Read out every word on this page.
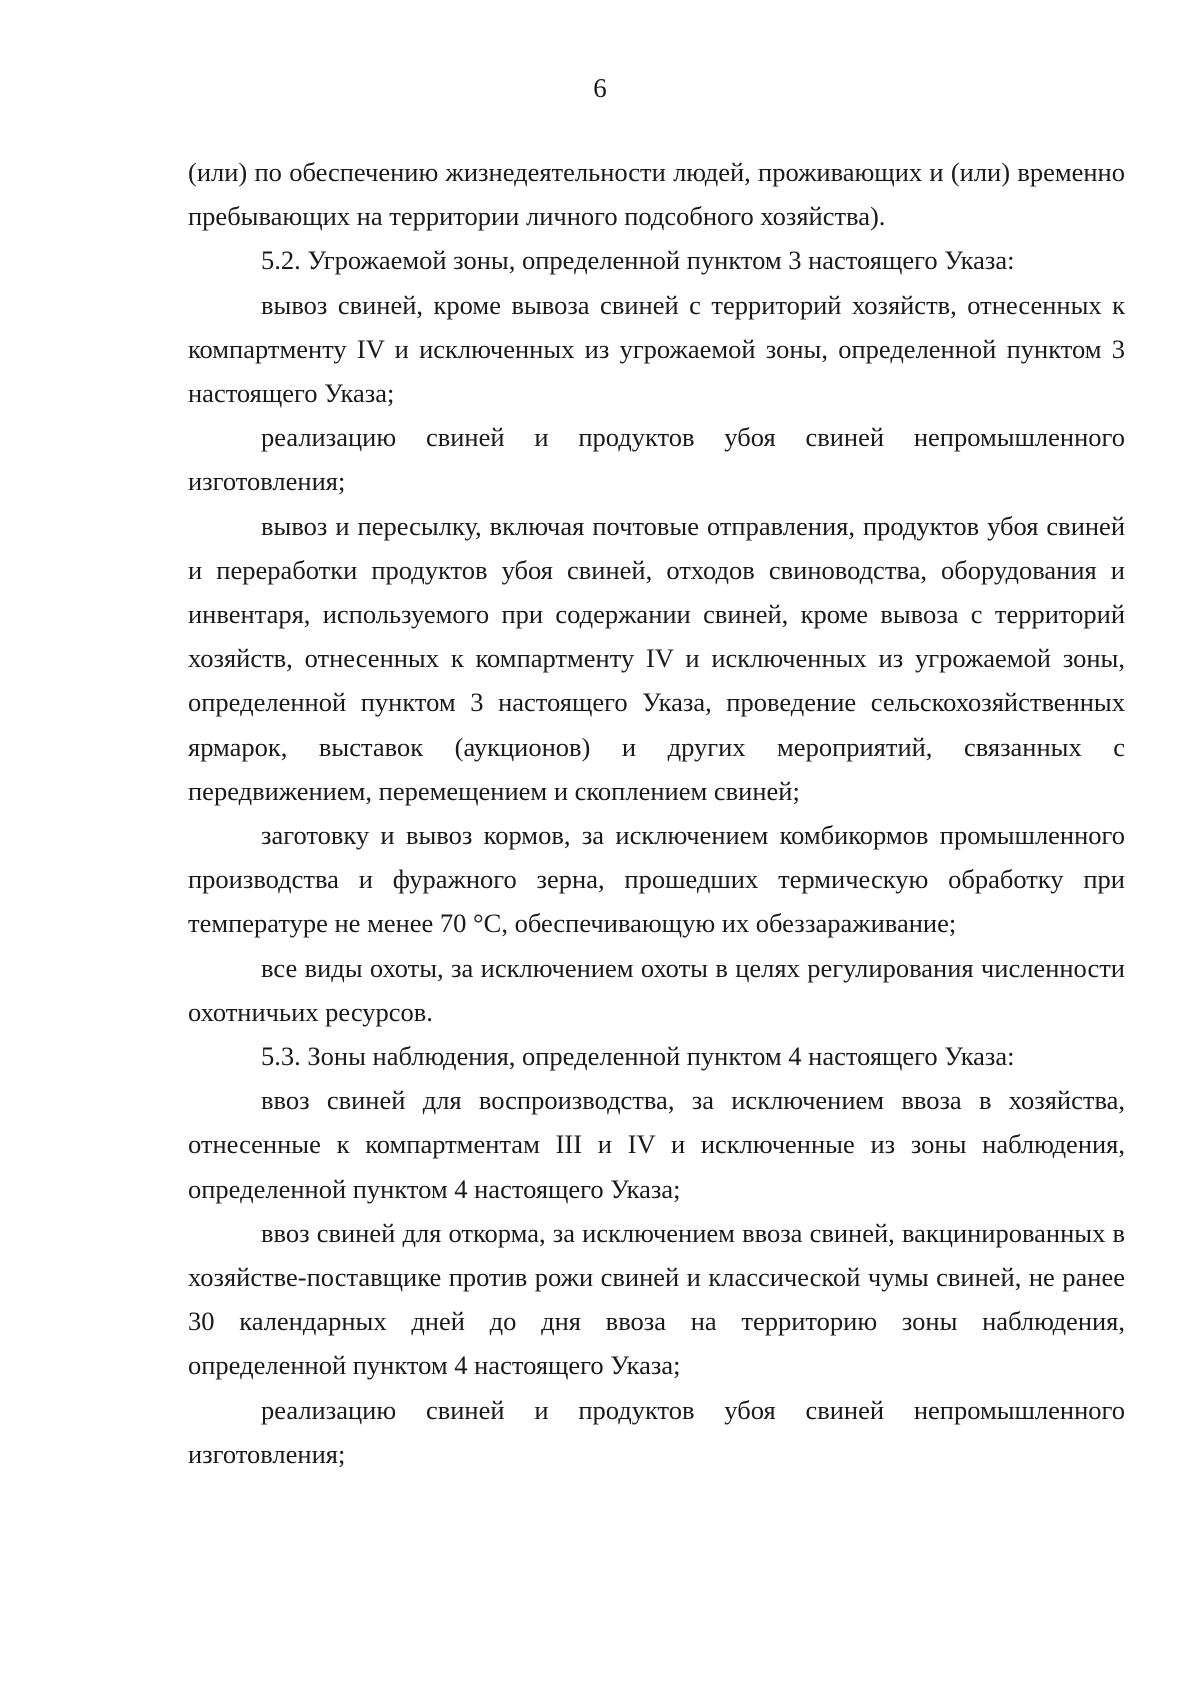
6

(или) по обеспечению жизнедеятельности людей, проживающих и (или) временно пребывающих на территории личного подсобного хозяйства).

5.2. Угрожаемой зоны, определенной пунктом 3 настоящего Указа:

вывоз свиней, кроме вывоза свиней с территорий хозяйств, отнесенных к компартменту IV и исключенных из угрожаемой зоны, определенной пунктом 3 настоящего Указа;

реализацию свиней и продуктов убоя свиней непромышленного изготовления;

вывоз и пересылку, включая почтовые отправления, продуктов убоя свиней и переработки продуктов убоя свиней, отходов свиноводства, оборудования и инвентаря, используемого при содержании свиней, кроме вывоза с территорий хозяйств, отнесенных к компартменту IV и исключенных из угрожаемой зоны, определенной пунктом 3 настоящего Указа, проведение сельскохозяйственных ярмарок, выставок (аукционов) и других мероприятий, связанных с передвижением, перемещением и скоплением свиней;

заготовку и вывоз кормов, за исключением комбикормов промышленного производства и фуражного зерна, прошедших термическую обработку при температуре не менее 70 °С, обеспечивающую их обеззараживание;

все виды охоты, за исключением охоты в целях регулирования численности охотничьих ресурсов.

5.3. Зоны наблюдения, определенной пунктом 4 настоящего Указа:

ввоз свиней для воспроизводства, за исключением ввоза в хозяйства, отнесенные к компартментам III и IV и исключенные из зоны наблюдения, определенной пунктом 4 настоящего Указа;

ввоз свиней для откорма, за исключением ввоза свиней, вакцинированных в хозяйстве-поставщике против рожи свиней и классической чумы свиней, не ранее 30 календарных дней до дня ввоза на территорию зоны наблюдения, определенной пунктом 4 настоящего Указа;

реализацию свиней и продуктов убоя свиней непромышленного изготовления;
